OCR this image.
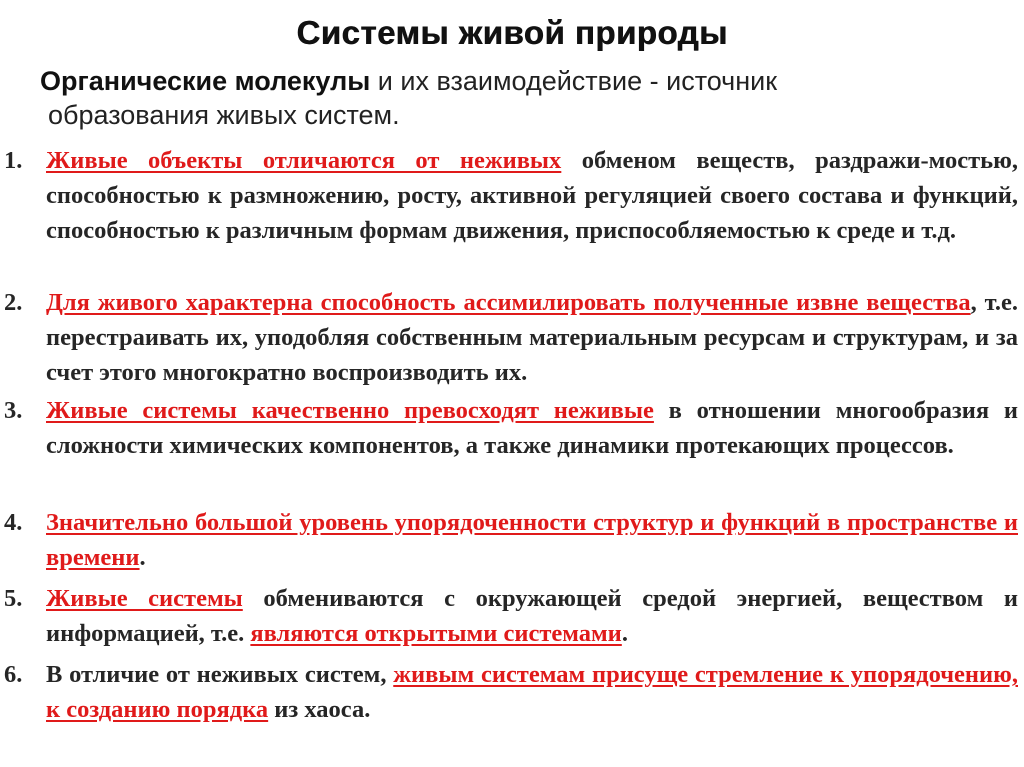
Системы живой природы
Органические молекулы и их взаимодействие - источник
образования живых систем.
1. Живые объекты отличаются от неживых обменом веществ, раздражи-мостью, способностью к размножению, росту, активной регуляцией своего состава и функций, способностью к различным формам движения, приспособляемостью к среде и т.д.
2. Для живого характерна способность ассимилировать полученные извне вещества, т.е. перестраивать их, уподобляя собственным материальным ресурсам и структурам, и за счет этого многократно воспроизводить их.
3. Живые системы качественно превосходят неживые в отношении многообразия и сложности химических компонентов, а также динамики протекающих процессов.
4. Значительно большой уровень упорядоченности структур и функций в пространстве и времени.
5. Живые системы обмениваются с окружающей средой энергией, веществом и информацией, т.е. являются открытыми системами.
6. В отличие от неживых систем, живым системам присуще стремление к упорядочению, к созданию порядка из хаоса.
